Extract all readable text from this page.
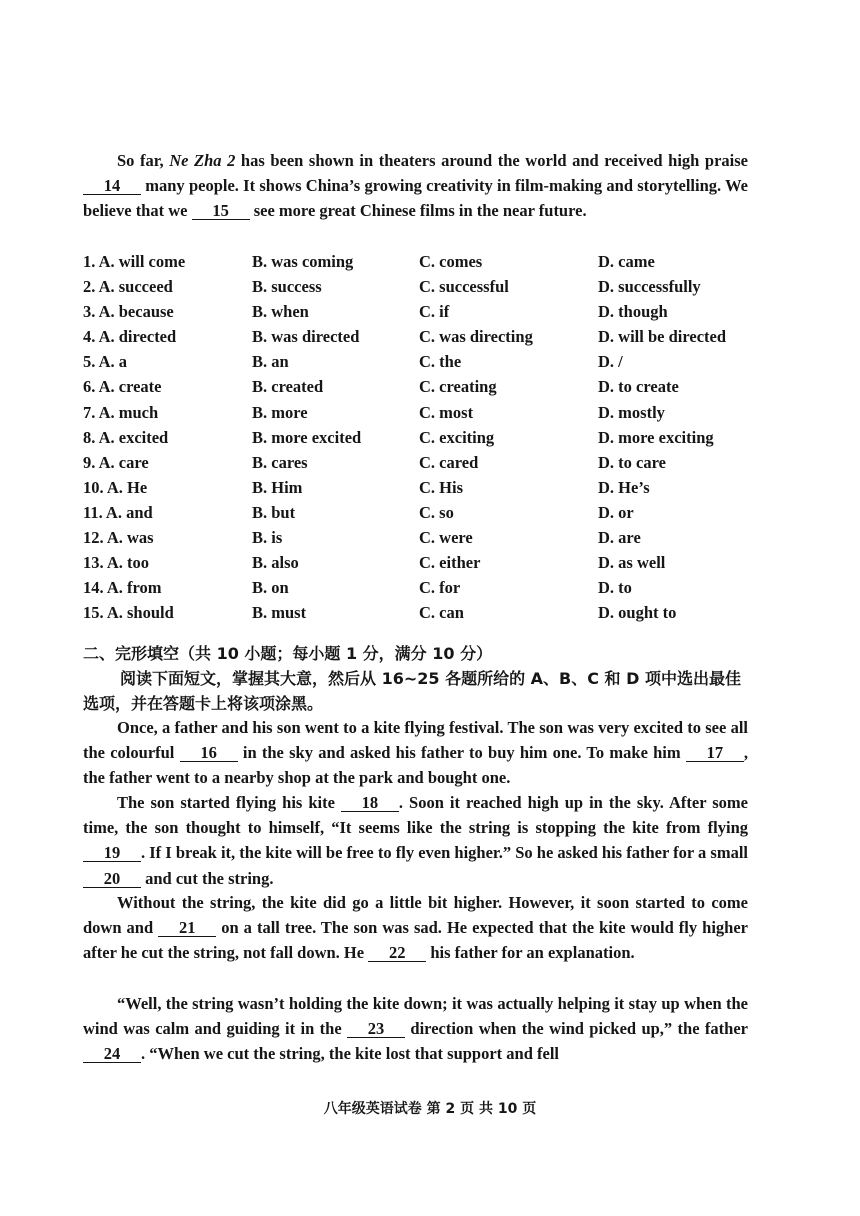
So far, Ne Zha 2 has been shown in theaters around the world and received high praise 14 many people. It shows China’s growing creativity in film-making and storytelling. We believe that we 15 see more great Chinese films in the near future.

1. A. will come	B. was coming	C. comes	D. came
2. A. succeed	B. success	C. successful	D. successfully
3. A. because	B. when	C. if	D. though
4. A. directed	B. was directed	C. was directing	D. will be directed
5. A. a	B. an	C. the	D. /
6. A. create	B. created	C. creating	D. to create
7. A. much	B. more	C. most	D. mostly
8. A. excited	B. more excited	C. exciting	D. more exciting
9. A. care	B. cares	C. cared	D. to care
10. A. He	B. Him	C. His	D. He’s
11. A. and	B. but	C. so	D. or
12. A. was	B. is	C. were	D. are
13. A. too	B. also	C. either	D. as well
14. A. from	B. on	C. for	D. to
15. A. should	B. must	C. can	D. ought to
二、完形填空（共 10 小题；每小题 1 分，满分 10 分）

阅读下面短文，掌握其大意，然后从 16~25 各题所给的 A、B、C 和 D 项中选出最佳选项，并在答题卡上将该项涂黑。

Once, a father and his son went to a kite flying festival. The son was very excited to see all the colourful 16 in the sky and asked his father to buy him one. To make him 17 , the father went to a nearby shop at the park and bought one.

The son started flying his kite 18 . Soon it reached high up in the sky. After some time, the son thought to himself, “It seems like the string is stopping the kite from flying 19 . If I break it, the kite will be free to fly even higher.” So he asked his father for a small 20 and cut the string.

Without the string, the kite did go a little bit higher. However, it soon started to come down and 21 on a tall tree. The son was sad. He expected that the kite would fly higher after he cut the string, not fall down. He 22 his father for an explanation.

“Well, the string wasn’t holding the kite down; it was actually helping it stay up when the wind was calm and guiding it in the 23 direction when the wind picked up,” the father 24 . “When we cut the string, the kite lost that support and fell

八年级英语试卷 第 2 页 共 10 页
